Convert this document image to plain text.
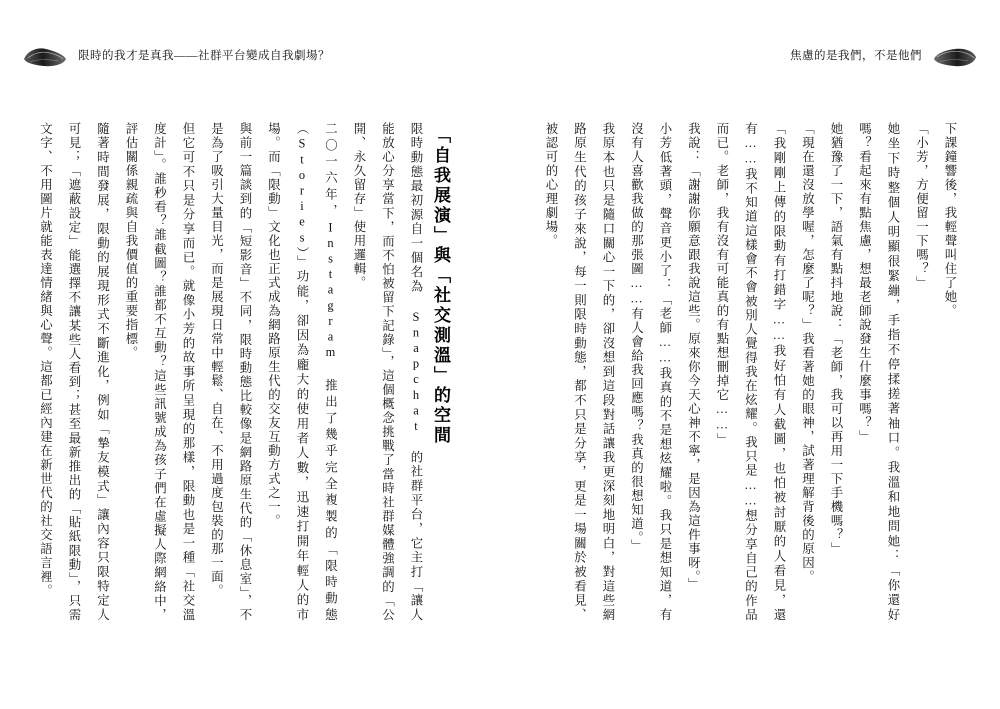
限時的我才是真我——社群平台變成自我劇場？	焦慮的是我們，不是他們

下課鐘響後，我輕聲叫住了她。

「小芳，方便留一下嗎？」

她坐下時整個人明顯很緊繃，手指不停揉搓著袖口。我溫和地問她：「你還好嗎？看起來有點焦慮，想最老師說發生什麼事嗎？」

她猶豫了一下，語氣有點抖地說：「老師，我可以再用一下手機嗎？」

「現在還沒放學喔，怎麼了呢？」我看著她的眼神，試著理解背後的原因。

「我剛剛上傳的限動有打錯字……我好怕有人截圖，也怕被討厭的人看見，還有……我不知道這樣會不會被別人覺得我在炫耀。我只是……想分享自己的作品而已。老師，我有沒有可能真的有點想刪掉它……」

我說：「謝謝你願意跟我說這些。原來你今天心神不寧，是因為這件事呀。」

小芳低著頭，聲音更小了：「老師……我真的不是想炫耀啦。我只是想知道，有沒有人喜歡我做的那張圖……有人會給我回應嗎？我真的很想知道。」

我原本也只是隨口關心一下的，卻沒想到這段對話讓我更深刻地明白，對這些網路原生代的孩子來說，每一則限時動態，都不只是分享，更是一場關於被看見、被認可的心理劇場。

「自我展演」與「社交測溫」的空間

限時動態最初源自一個名為 Snapchat 的社群平台，它主打「讓人能放心分享當下，而不怕被留下記錄」，這個概念挑戰了當時社群媒體強調的「公開、永久留存」使用邏輯。

二〇一六年，Instagram 推出了幾乎完全複製的「限時動態（Stories）」功能，卻因為龐大的使用者人數，迅速打開年輕人的市場。而「限動」文化也正式成為網路原生代的交友互動方式之一。

與前一篇談到的「短影音」不同，限時動態比較像是網路原生代的「休息室」，不是為了吸引大量目光，而是展現日常中輕鬆、自在、不用過度包裝的那一面。

但它可不只是分享而已。就像小芳的故事所呈現的那樣，限動也是一種「社交溫度計」。誰秒看？誰截圖？誰都不互動？這些訊號成為孩子們在虛擬人際網絡中，評估關係親疏與自我價值的重要指標。

隨著時間發展，限動的展現形式不斷進化，例如「摯友模式」讓內容只限特定人可見；「遮蔽設定」能選擇不讓某些人看到；甚至最新推出的「貼紙限動」，只需文字、不用圖片就能表達情緒與心聲。這都已經內建在新世代的社交語言裡。
